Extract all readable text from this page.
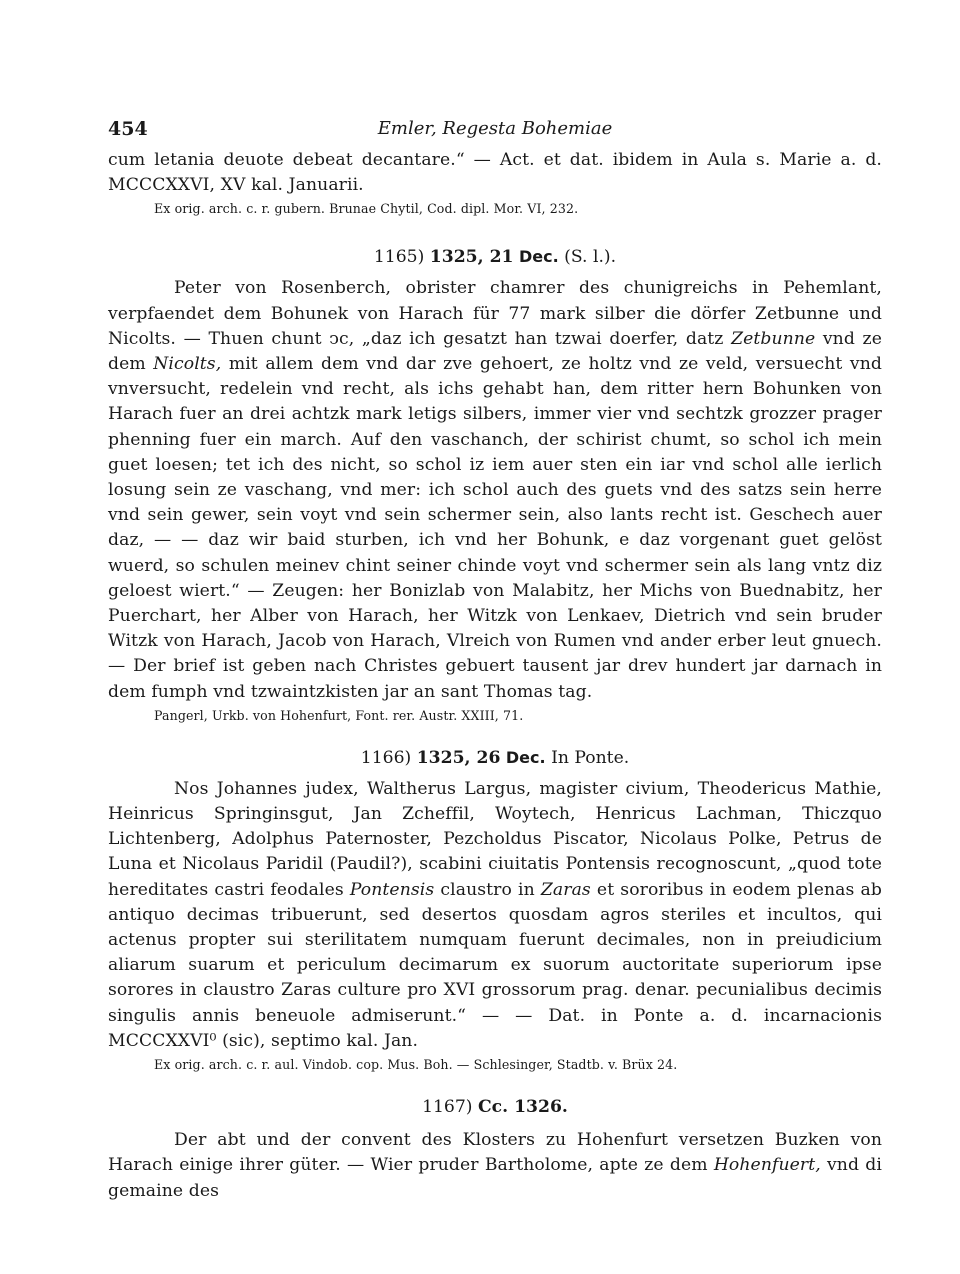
454	Emler, Regesta Bohemiae

cum letania deuote debeat decantare.“ — Act. et dat. ibidem in Aula s. Marie a. d. MCCCXXVI, XV kal. Januarii.

Ex orig. arch. c. r. gubern. Brunae Chytil, Cod. dipl. Mor. VI, 232.

1165) 1325, 21 Dec. (S. l.).

Peter von Rosenberch, obrister chamrer des chunigreichs in Pehemlant, verpfaendet dem Bohunek von Harach für 77 mark silber die dörfer Zetbunne und Nicolts. — Thuen chunt ↄc, „daz ich gesatzt han tzwai doerfer, datz Zetbunne vnd ze dem Nicolts, mit allem dem vnd dar zve gehoert, ze holtz vnd ze veld, versuecht vnd vnversucht, redelein vnd recht, als ichs gehabt han, dem ritter hern Bohunken von Harach fuer an drei achtzk mark letigs silbers, immer vier vnd sechtzk grozzer prager phenning fuer ein march. Auf den vaschanch, der schirist chumt, so schol ich mein guet loesen; tet ich des nicht, so schol iz iem auer sten ein iar vnd schol alle ierlich losung sein ze vaschang, vnd mer: ich schol auch des guets vnd des satzs sein herre vnd sein gewer, sein voyt vnd sein schermer sein, also lants recht ist. Geschech auer daz, — — daz wir baid sturben, ich vnd her Bohunk, e daz vorgenant guet gelöst wuerd, so schulen meinev chint seiner chinde voyt vnd schermer sein als lang vntz diz geloest wiert.“ — Zeugen: her Bonizlab von Malabitz, her Michs von Buednabitz, her Puerchart, her Alber von Harach, her Witzk von Lenkaev, Dietrich vnd sein bruder Witzk von Harach, Jacob von Harach, Vlreich von Rumen vnd ander erber leut gnuech. — Der brief ist geben nach Christes gebuert tausent jar drev hundert jar darnach in dem fumph vnd tzwaintzkisten jar an sant Thomas tag.

Pangerl, Urkb. von Hohenfurt, Font. rer. Austr. XXIII, 71.

1166) 1325, 26 Dec. In Ponte.

Nos Johannes judex, Waltherus Largus, magister civium, Theodericus Mathie, Heinricus Springinsgut, Jan Zcheffil, Woytech, Henricus Lachman, Thiczquo Lichtenberg, Adolphus Paternoster, Pezcholdus Piscator, Nicolaus Polke, Petrus de Luna et Nicolaus Paridil (Paudil?), scabini ciuitatis Pontensis recognoscunt, „quod tote hereditates castri feodales Pontensis claustro in Zaras et sororibus in eodem plenas ab antiquo decimas tribuerunt, sed desertos quosdam agros steriles et incultos, qui actenus propter sui sterilitatem numquam fuerunt decimales, non in preiudicium aliarum suarum et periculum decimarum ex suorum auctoritate superiorum ipse sorores in claustro Zaras culture pro XVI grossorum prag. denar. pecunialibus decimis singulis annis beneuole admiserunt.“ — — Dat. in Ponte a. d. incarnacionis MCCCXXVI⁰ (sic), septimo kal. Jan.

Ex orig. arch. c. r. aul. Vindob. cop. Mus. Boh. — Schlesinger, Stadtb. v. Brüx 24.

1167) Cc. 1326.

Der abt und der convent des Klosters zu Hohenfurt versetzen Buzken von Harach einige ihrer güter. — Wier pruder Bartholome, apte ze dem Hohenfuert, vnd di gemaine des
